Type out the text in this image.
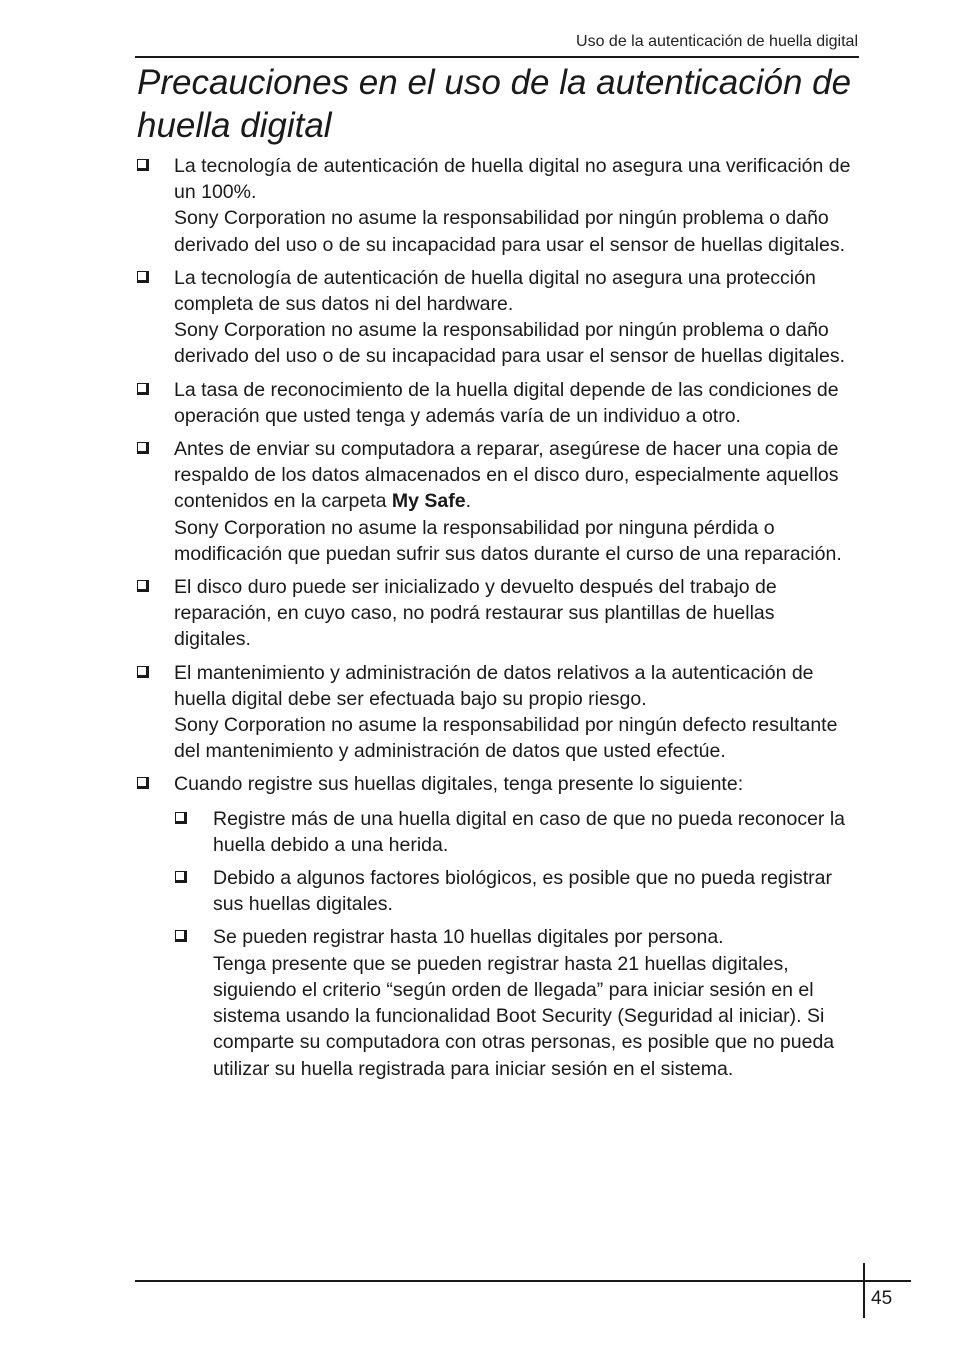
Uso de la autenticación de huella digital
Precauciones en el uso de la autenticación de huella digital
La tecnología de autenticación de huella digital no asegura una verificación de un 100%.
Sony Corporation no asume la responsabilidad por ningún problema o daño derivado del uso o de su incapacidad para usar el sensor de huellas digitales.
La tecnología de autenticación de huella digital no asegura una protección completa de sus datos ni del hardware.
Sony Corporation no asume la responsabilidad por ningún problema o daño derivado del uso o de su incapacidad para usar el sensor de huellas digitales.
La tasa de reconocimiento de la huella digital depende de las condiciones de operación que usted tenga y además varía de un individuo a otro.
Antes de enviar su computadora a reparar, asegúrese de hacer una copia de respaldo de los datos almacenados en el disco duro, especialmente aquellos contenidos en la carpeta My Safe.
Sony Corporation no asume la responsabilidad por ninguna pérdida o modificación que puedan sufrir sus datos durante el curso de una reparación.
El disco duro puede ser inicializado y devuelto después del trabajo de reparación, en cuyo caso, no podrá restaurar sus plantillas de huellas digitales.
El mantenimiento y administración de datos relativos a la autenticación de huella digital debe ser efectuada bajo su propio riesgo.
Sony Corporation no asume la responsabilidad por ningún defecto resultante del mantenimiento y administración de datos que usted efectúe.
Cuando registre sus huellas digitales, tenga presente lo siguiente:
Registre más de una huella digital en caso de que no pueda reconocer la huella debido a una herida.
Debido a algunos factores biológicos, es posible que no pueda registrar sus huellas digitales.
Se pueden registrar hasta 10 huellas digitales por persona.
Tenga presente que se pueden registrar hasta 21 huellas digitales, siguiendo el criterio “según orden de llegada” para iniciar sesión en el sistema usando la funcionalidad Boot Security (Seguridad al iniciar). Si comparte su computadora con otras personas, es posible que no pueda utilizar su huella registrada para iniciar sesión en el sistema.
45
